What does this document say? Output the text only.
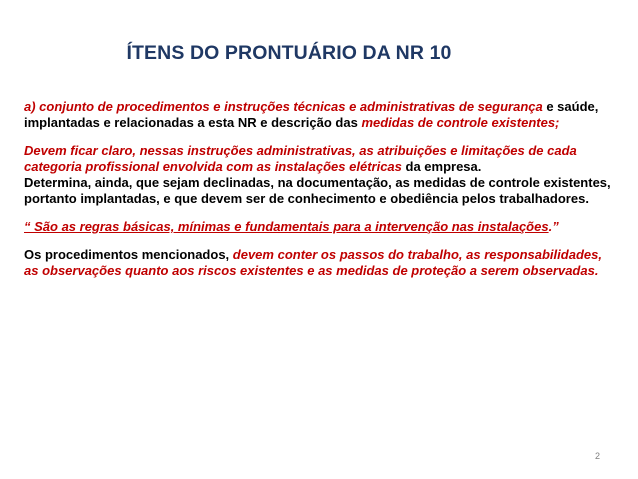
ÍTENS DO PRONTUÁRIO DA NR 10

a) conjunto de procedimentos e instruções técnicas e administrativas de segurança e saúde, implantadas e relacionadas a esta NR e descrição das medidas de controle existentes;

Devem ficar claro, nessas instruções administrativas, as atribuições e limitações de cada categoria profissional envolvida com as instalações elétricas da empresa.

Determina, ainda, que sejam declinadas, na documentação, as medidas de controle existentes, portanto implantadas, e que devem ser de conhecimento e obediência pelos trabalhadores.

“ São as regras básicas, mínimas e fundamentais para a intervenção nas instalações.”

Os procedimentos mencionados, devem conter os passos do trabalho, as responsabilidades, as observações quanto aos riscos existentes e as medidas de proteção a serem observadas.

2
